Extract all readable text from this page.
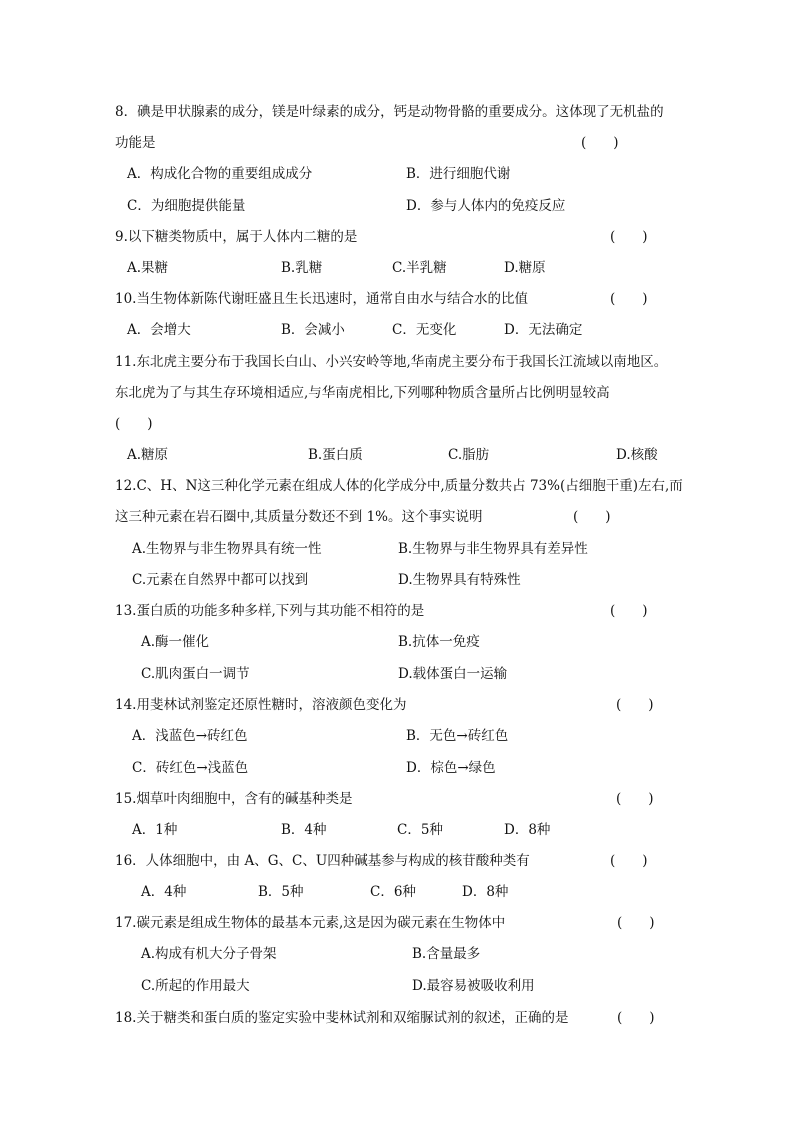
8．碘是甲状腺素的成分，镁是叶绿素的成分，钙是动物骨骼的重要成分。这体现了无机盐的
功能是	(　　)
A．构成化合物的重要组成成分	B．进行细胞代谢
C．为细胞提供能量	D．参与人体内的免疫反应
9.以下糖类物质中，属于人体内二糖的是	(　　)
A.果糖	B.乳糖	C.半乳糖	D.糖原
10.当生物体新陈代谢旺盛且生长迅速时，通常自由水与结合水的比值	(　　)
A．会增大	B．会减小	C．无变化	D．无法确定
11.东北虎主要分布于我国长白山、小兴安岭等地,华南虎主要分布于我国长江流域以南地区。
东北虎为了与其生存环境相适应,与华南虎相比,下列哪种物质含量所占比例明显较高
(　　)
A.糖原	B.蛋白质	C.脂肪	D.核酸
12.C、H、N这三种化学元素在组成人体的化学成分中,质量分数共占 73%(占细胞干重)左右,而
这三种元素在岩石圈中,其质量分数还不到 1%。这个事实说明	(　　)
A.生物界与非生物界具有统一性	B.生物界与非生物界具有差异性
C.元素在自然界中都可以找到	D.生物界具有特殊性
13.蛋白质的功能多种多样,下列与其功能不相符的是	(　　)
A.酶一催化	B.抗体一免疫
C.肌肉蛋白一调节	D.载体蛋白一运输
14.用斐林试剂鉴定还原性糖时，溶液颜色变化为	(　　)
A．浅蓝色→砖红色	B．无色→砖红色
C．砖红色→浅蓝色	D．棕色→绿色
15.烟草叶肉细胞中，含有的碱基种类是	(　　)
A．1种	B．4种	C．5种	D．8种
16．人体细胞中，由 A、G、C、U四种碱基参与构成的核苷酸种类有	(　　)
A．4种	B．5种	C．6种	D．8种
17.碳元素是组成生物体的最基本元素,这是因为碳元素在生物体中	(　　)
A.构成有机大分子骨架	B.含量最多
C.所起的作用最大	D.最容易被吸收利用
18.关于糖类和蛋白质的鉴定实验中斐林试剂和双缩脲试剂的叙述，正确的是	(　　)
